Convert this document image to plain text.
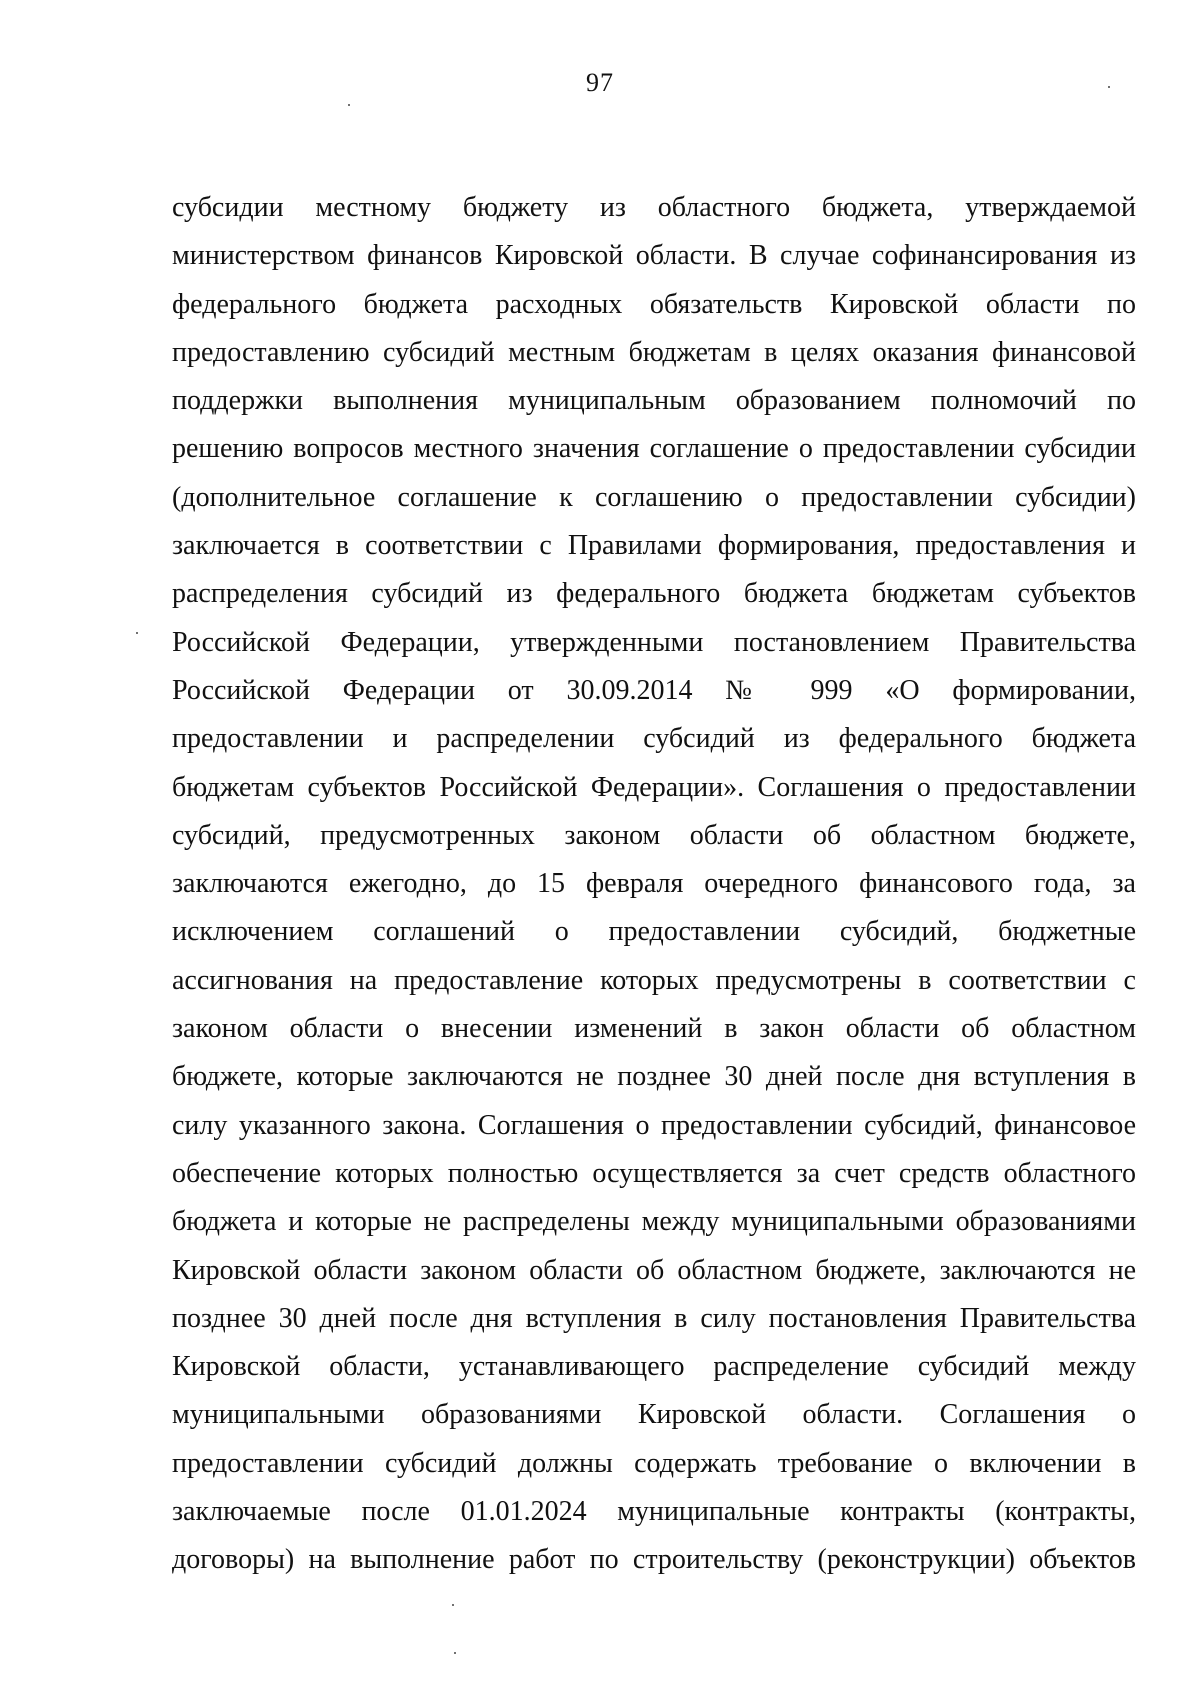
97
субсидии местному бюджету из областного бюджета, утверждаемой
министерством финансов Кировской области. В случае софинансирования из
федерального бюджета расходных обязательств Кировской области по
предоставлению субсидий местным бюджетам в целях оказания финансовой
поддержки выполнения муниципальным образованием полномочий по
решению вопросов местного значения соглашение о предоставлении субсидии
(дополнительное соглашение к соглашению о предоставлении субсидии)
заключается в соответствии с Правилами формирования, предоставления и
распределения субсидий из федерального бюджета бюджетам субъектов
Российской Федерации, утвержденными постановлением Правительства
Российской Федерации от 30.09.2014 № 999 «О формировании,
предоставлении и распределении субсидий из федерального бюджета
бюджетам субъектов Российской Федерации». Соглашения о предоставлении
субсидий, предусмотренных законом области об областном бюджете,
заключаются ежегодно, до 15 февраля очередного финансового года, за
исключением соглашений о предоставлении субсидий, бюджетные
ассигнования на предоставление которых предусмотрены в соответствии с
законом области о внесении изменений в закон области об областном
бюджете, которые заключаются не позднее 30 дней после дня вступления в
силу указанного закона. Соглашения о предоставлении субсидий, финансовое
обеспечение которых полностью осуществляется за счет средств областного
бюджета и которые не распределены между муниципальными образованиями
Кировской области законом области об областном бюджете, заключаются не
позднее 30 дней после дня вступления в силу постановления Правительства
Кировской области, устанавливающего распределение субсидий между
муниципальными образованиями Кировской области. Соглашения о
предоставлении субсидий должны содержать требование о включении в
заключаемые после 01.01.2024 муниципальные контракты (контракты,
договоры) на выполнение работ по строительству (реконструкции) объектов
